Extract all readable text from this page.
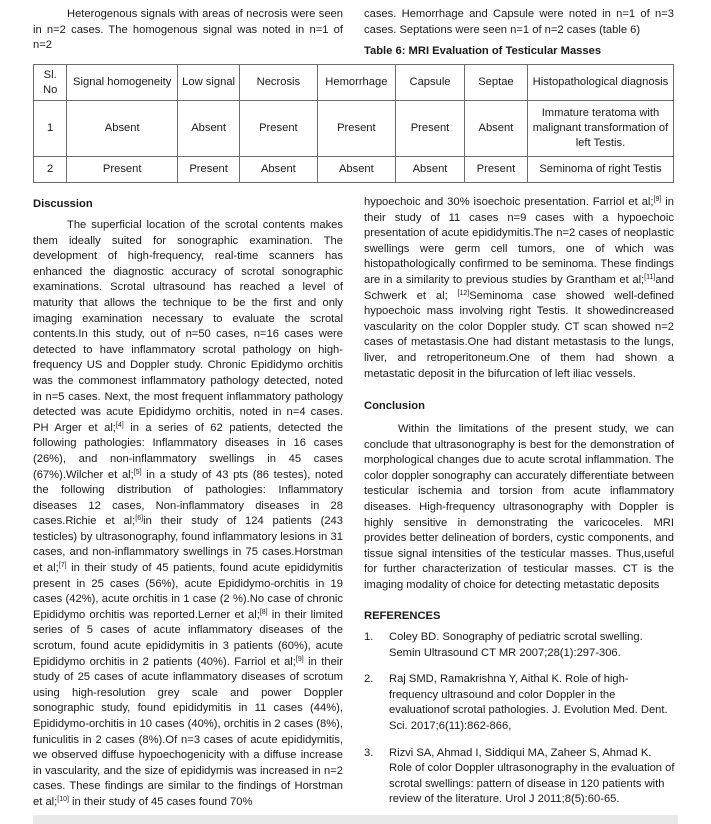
Heterogenous signals with areas of necrosis were seen in n=2 cases. The homogenous signal was noted in n=1 of n=2
cases. Hemorrhage and Capsule were noted in n=1 of n=3 cases. Septations were seen n=1 of n=2 cases (table 6)
Table 6: MRI Evaluation of Testicular Masses
Sl. No	Signal homogeneity	Low signal	Necrosis	Hemorrhage	Capsule	Septae	Histopathological diagnosis
1	Absent	Absent	Present	Present	Present	Absent	Immature teratoma with malignant transformation of left Testis.
2	Present	Present	Absent	Absent	Absent	Present	Seminoma of right Testis
Discussion
The superficial location of the scrotal contents makes them ideally suited for sonographic examination. The development of high-frequency, real-time scanners has enhanced the diagnostic accuracy of scrotal sonographic examinations. Scrotal ultrasound has reached a level of maturity that allows the technique to be the first and only imaging examination necessary to evaluate the scrotal contents.In this study, out of n=50 cases, n=16 cases were detected to have inflammatory scrotal pathology on high-frequency US and Doppler study. Chronic Epididymo orchitis was the commonest inflammatory pathology detected, noted in n=5 cases. Next, the most frequent inflammatory pathology detected was acute Epididymo orchitis, noted in n=4 cases. PH Arger et al;[4] in a series of 62 patients, detected the following pathologies: Inflammatory diseases in 16 cases (26%), and non-inflammatory swellings in 45 cases (67%).Wilcher et al;[5] in a study of 43 pts (86 testes), noted the following distribution of pathologies: Inflammatory diseases 12 cases, Non-inflammatory diseases in 28 cases.Richie et al;[6]in their study of 124 patients (243 testicles) by ultrasonography, found inflammatory lesions in 31 cases, and non-inflammatory swellings in 75 cases.Horstman et al;[7] in their study of 45 patients, found acute epididymitis present in 25 cases (56%), acute Epididymo-orchitis in 19 cases (42%), acute orchitis in 1 case (2 %).No case of chronic Epididymo orchitis was reported.Lerner et al;[8] in their limited series of 5 cases of acute inflammatory diseases of the scrotum, found acute epididymitis in 3 patients (60%), acute Epididymo orchitis in 2 patients (40%). Farriol et al;[9] in their study of 25 cases of acute inflammatory diseases of scrotum using high-resolution grey scale and power Doppler sonographic study, found epididymitis in 11 cases (44%), Epididymo-orchitis in 10 cases (40%), orchitis in 2 cases (8%), funiculitis in 2 cases (8%).Of n=3 cases of acute epididymitis, we observed diffuse hypoechogenicity with a diffuse increase in vascularity, and the size of epididymis was increased in n=2 cases. These findings are similar to the findings of Horstman et al;[10] in their study of 45 cases found 70%
hypoechoic and 30% isoechoic presentation. Farriol et al;[9] in their study of 11 cases n=9 cases with a hypoechoic presentation of acute epididymitis.The n=2 cases of neoplastic swellings were germ cell tumors, one of which was histopathologically confirmed to be seminoma. These findings are in a similarity to previous studies by Grantham et al;[11]and Schwerk et al; [12]Seminoma case showed well-defined hypoechoic mass involving right Testis. It showedincreased vascularity on the color Doppler study. CT scan showed n=2 cases of metastasis.One had distant metastasis to the lungs, liver, and retroperitoneum.One of them had shown a metastatic deposit in the bifurcation of left iliac vessels.
Conclusion
Within the limitations of the present study, we can conclude that ultrasonography is best for the demonstration of morphological changes due to acute scrotal inflammation. The color doppler sonography can accurately differentiate between testicular ischemia and torsion from acute inflammatory diseases. High-frequency ultrasonography with Doppler is highly sensitive in demonstrating the varicoceles. MRI provides better delineation of borders, cystic components, and tissue signal intensities of the testicular masses. Thus,useful for further characterization of testicular masses. CT is the imaging modality of choice for detecting metastatic deposits
REFERENCES
1. Coley BD. Sonography of pediatric scrotal swelling. Semin Ultrasound CT MR 2007;28(1):297-306.
2. Raj SMD, Ramakrishna Y, Aithal K. Role of high-frequency ultrasound and color Doppler in the evaluationof scrotal pathologies. J. Evolution Med. Dent. Sci. 2017;6(11):862-866,
3. Rizvi SA, Ahmad I, Siddiqui MA, Zaheer S, Ahmad K. Role of color Doppler ultrasonography in the evaluation of scrotal swellings: pattern of disease in 120 patients with review of the literature. Urol J 2011;8(5):60-65.
